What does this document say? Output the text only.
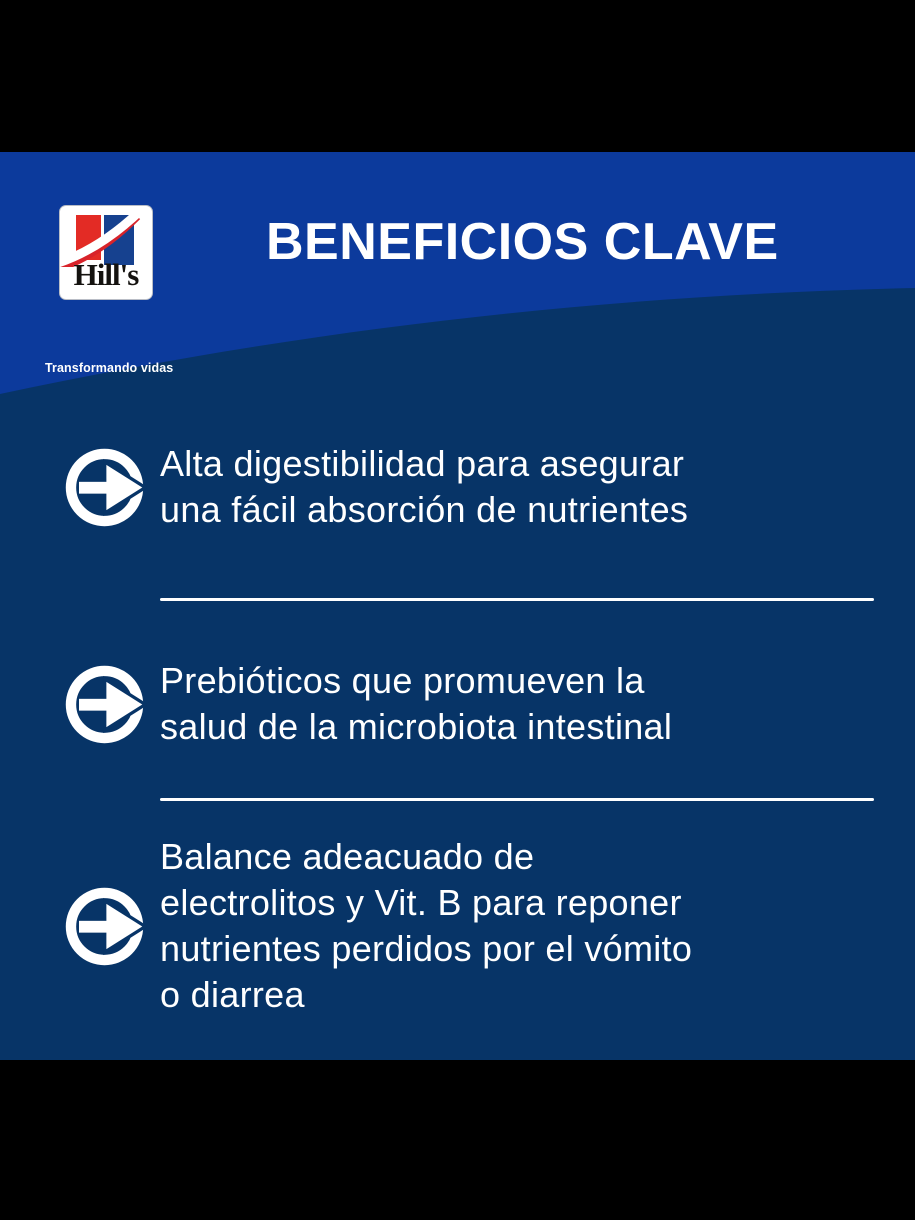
Hill's
Transformando vidas
BENEFICIOS CLAVE
Alta digestibilidad para asegurar
una fácil absorción de nutrientes
Prebióticos que promueven la
salud de la microbiota intestinal
Balance adeacuado de
electrolitos y Vit. B para reponer
nutrientes perdidos por el vómito
o diarrea
